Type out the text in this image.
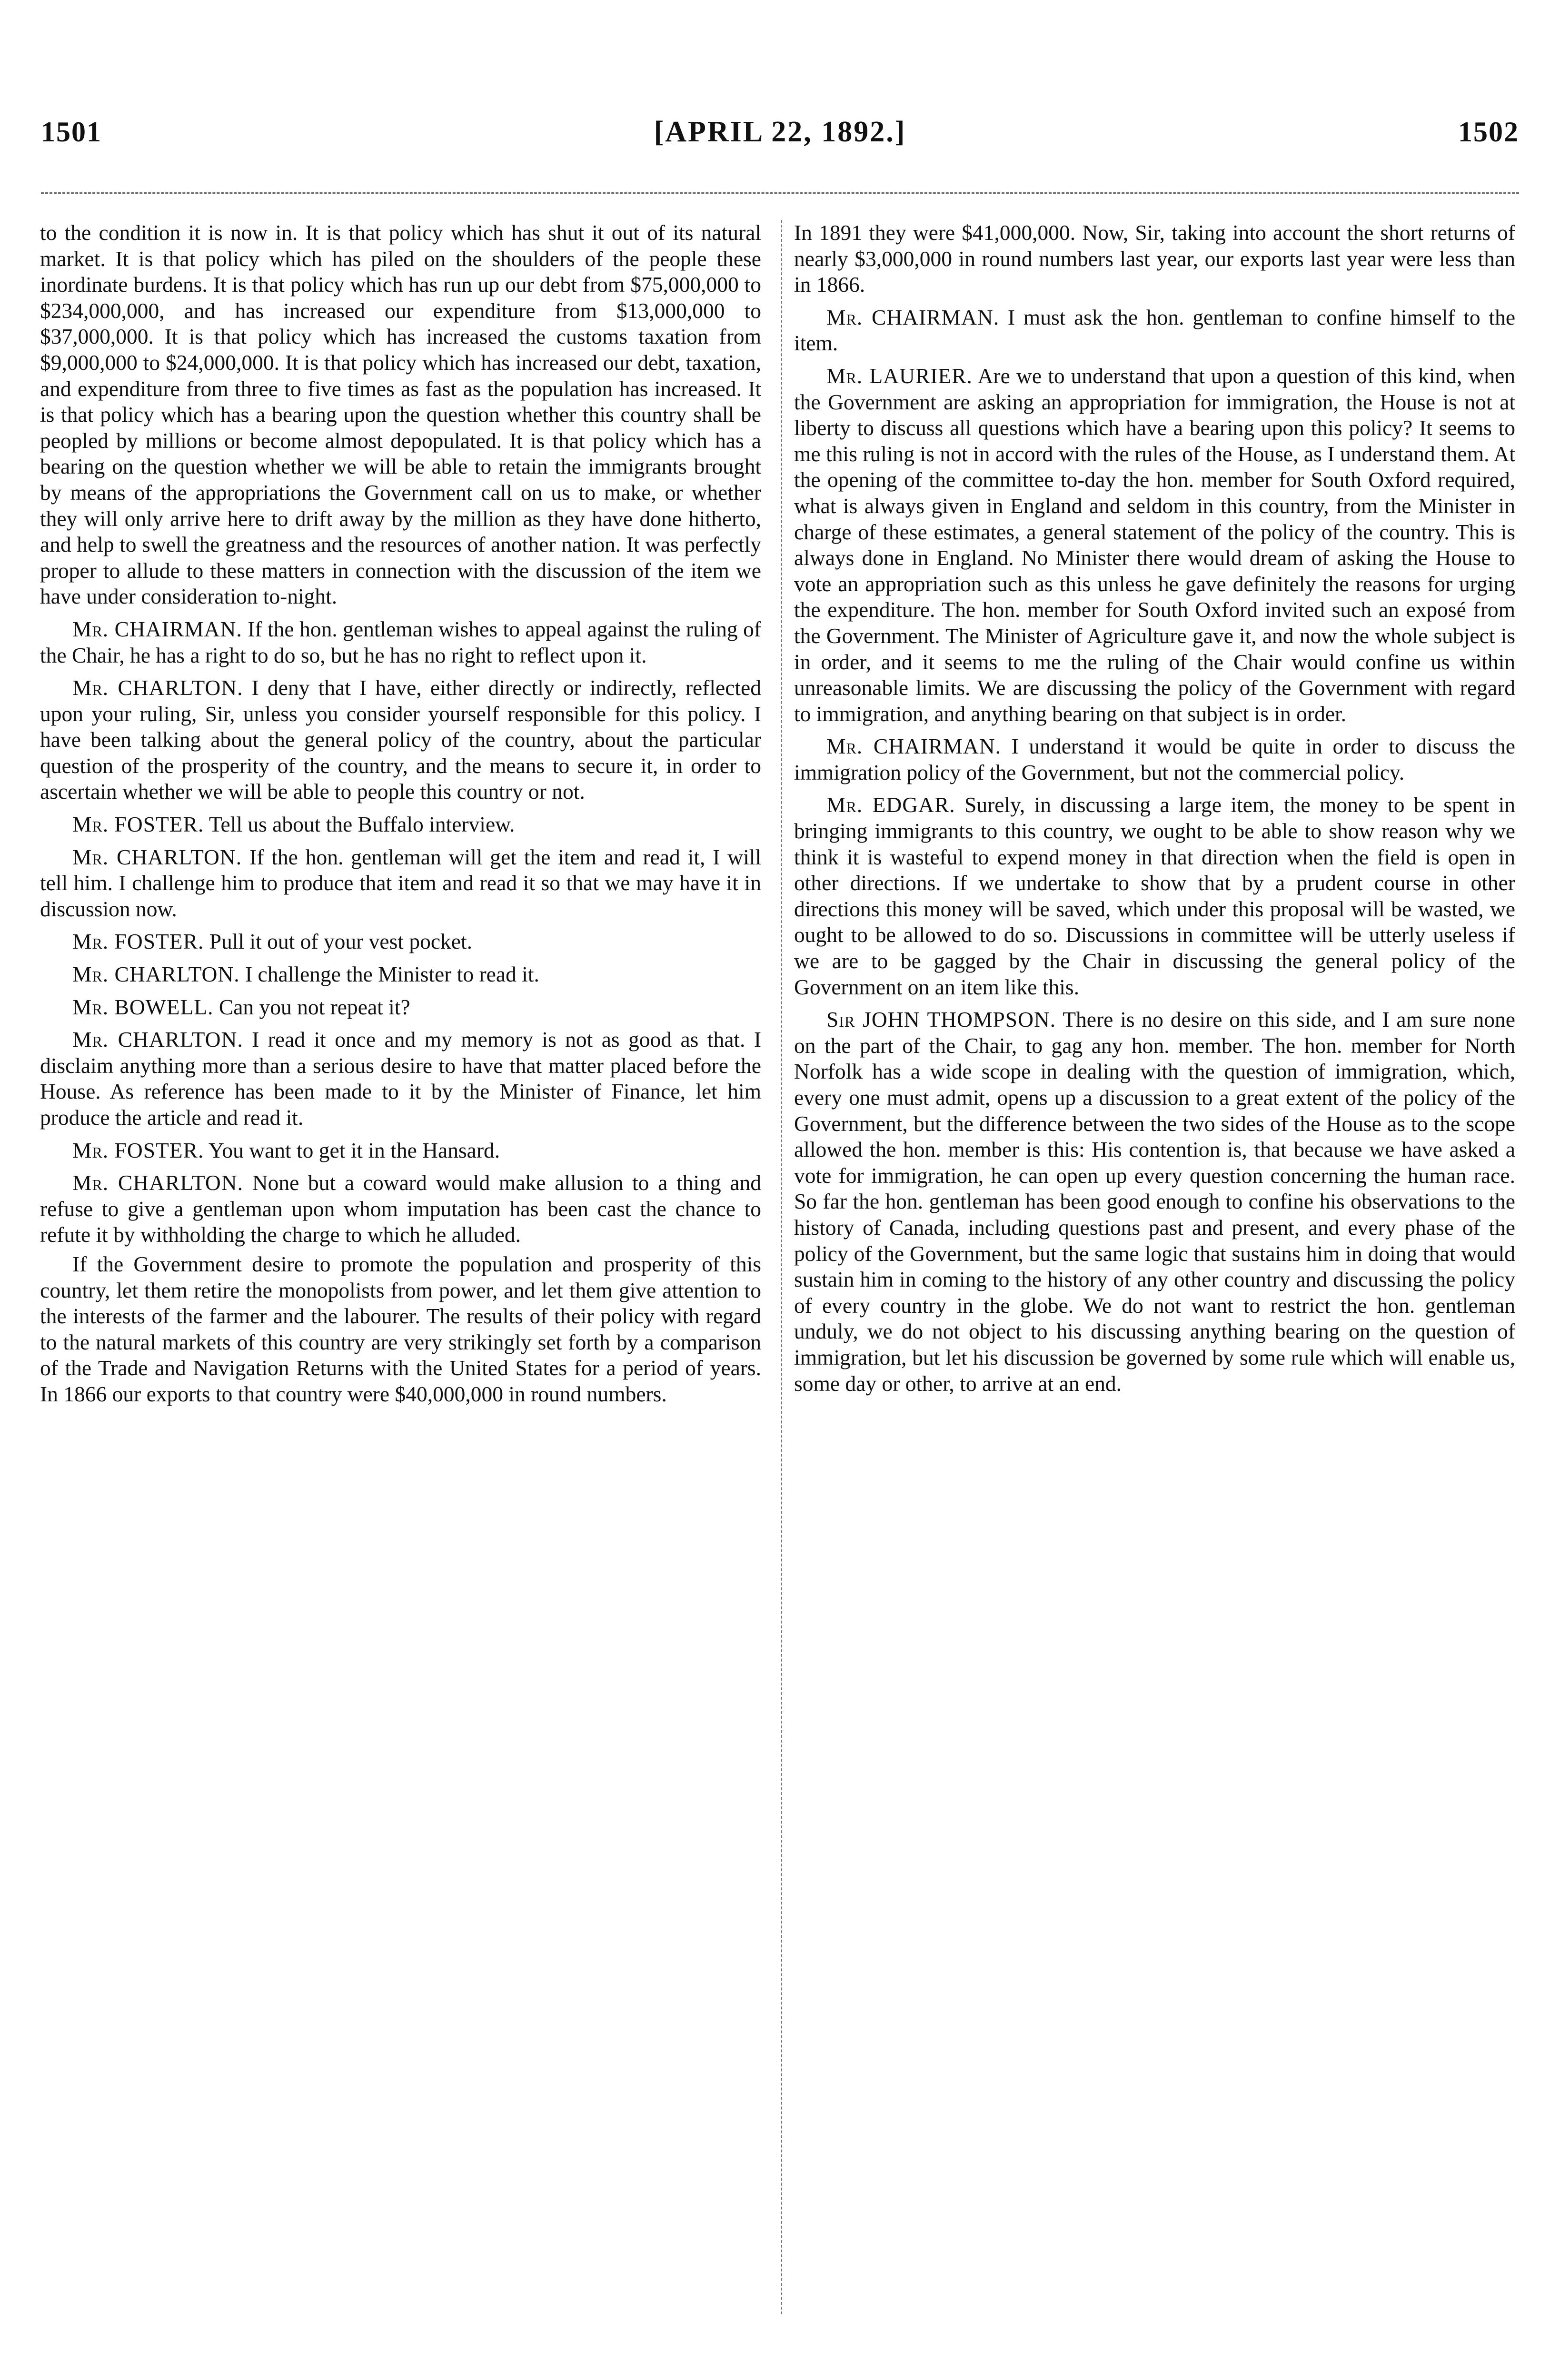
1501	[APRIL 22, 1892.]	1502

to the condition it is now in. It is that policy which has shut it out of its natural market. It is that policy which has piled on the shoulders of the people these inordinate burdens. It is that policy which has run up our debt from $75,000,000 to $234,000,000, and has increased our expenditure from $13,000,000 to $37,000,000. It is that policy which has increased the customs taxation from $9,000,000 to $24,000,000. It is that policy which has increased our debt, taxation, and expenditure from three to five times as fast as the population has increased. It is that policy which has a bearing upon the question whether this country shall be peopled by millions or become almost depopulated. It is that policy which has a bearing on the question whether we will be able to retain the immigrants brought by means of the appropriations the Government call on us to make, or whether they will only arrive here to drift away by the million as they have done hitherto, and help to swell the greatness and the resources of another nation. It was perfectly proper to allude to these matters in connection with the discussion of the item we have under consideration to-night.

Mr. CHAIRMAN. If the hon. gentleman wishes to appeal against the ruling of the Chair, he has a right to do so, but he has no right to reflect upon it.

Mr. CHARLTON. I deny that I have, either directly or indirectly, reflected upon your ruling, Sir, unless you consider yourself responsible for this policy. I have been talking about the general policy of the country, about the particular question of the prosperity of the country, and the means to secure it, in order to ascertain whether we will be able to people this country or not.

Mr. FOSTER. Tell us about the Buffalo interview.

Mr. CHARLTON. If the hon. gentleman will get the item and read it, I will tell him. I challenge him to produce that item and read it so that we may have it in discussion now.

Mr. FOSTER. Pull it out of your vest pocket.

Mr. CHARLTON. I challenge the Minister to read it.

Mr. BOWELL. Can you not repeat it?

Mr. CHARLTON. I read it once and my memory is not as good as that. I disclaim anything more than a serious desire to have that matter placed before the House. As reference has been made to it by the Minister of Finance, let him produce the article and read it.

Mr. FOSTER. You want to get it in the Hansard.

Mr. CHARLTON. None but a coward would make allusion to a thing and refuse to give a gentleman upon whom imputation has been cast the chance to refute it by withholding the charge to which he alluded.

If the Government desire to promote the population and prosperity of this country, let them retire the monopolists from power, and let them give attention to the interests of the farmer and the labourer. The results of their policy with regard to the natural markets of this country are very strikingly set forth by a comparison of the Trade and Navigation Returns with the United States for a period of years. In 1866 our exports to that country were $40,000,000 in round numbers.

In 1891 they were $41,000,000. Now, Sir, taking into account the short returns of nearly $3,000,000 in round numbers last year, our exports last year were less than in 1866.

Mr. CHAIRMAN. I must ask the hon. gentleman to confine himself to the item.

Mr. LAURIER. Are we to understand that upon a question of this kind, when the Government are asking an appropriation for immigration, the House is not at liberty to discuss all questions which have a bearing upon this policy? It seems to me this ruling is not in accord with the rules of the House, as I understand them. At the opening of the committee to-day the hon. member for South Oxford required, what is always given in England and seldom in this country, from the Minister in charge of these estimates, a general statement of the policy of the country. This is always done in England. No Minister there would dream of asking the House to vote an appropriation such as this unless he gave definitely the reasons for urging the expenditure. The hon. member for South Oxford invited such an exposé from the Government. The Minister of Agriculture gave it, and now the whole subject is in order, and it seems to me the ruling of the Chair would confine us within unreasonable limits. We are discussing the policy of the Government with regard to immigration, and anything bearing on that subject is in order.

Mr. CHAIRMAN. I understand it would be quite in order to discuss the immigration policy of the Government, but not the commercial policy.

Mr. EDGAR. Surely, in discussing a large item, the money to be spent in bringing immigrants to this country, we ought to be able to show reason why we think it is wasteful to expend money in that direction when the field is open in other directions. If we undertake to show that by a prudent course in other directions this money will be saved, which under this proposal will be wasted, we ought to be allowed to do so. Discussions in committee will be utterly useless if we are to be gagged by the Chair in discussing the general policy of the Government on an item like this.

Sir JOHN THOMPSON. There is no desire on this side, and I am sure none on the part of the Chair, to gag any hon. member. The hon. member for North Norfolk has a wide scope in dealing with the question of immigration, which, every one must admit, opens up a discussion to a great extent of the policy of the Government, but the difference between the two sides of the House as to the scope allowed the hon. member is this: His contention is, that because we have asked a vote for immigration, he can open up every question concerning the human race. So far the hon. gentleman has been good enough to confine his observations to the history of Canada, including questions past and present, and every phase of the policy of the Government, but the same logic that sustains him in doing that would sustain him in coming to the history of any other country and discussing the policy of every country in the globe. We do not want to restrict the hon. gentleman unduly, we do not object to his discussing anything bearing on the question of immigration, but let his discussion be governed by some rule which will enable us, some day or other, to arrive at an end.
